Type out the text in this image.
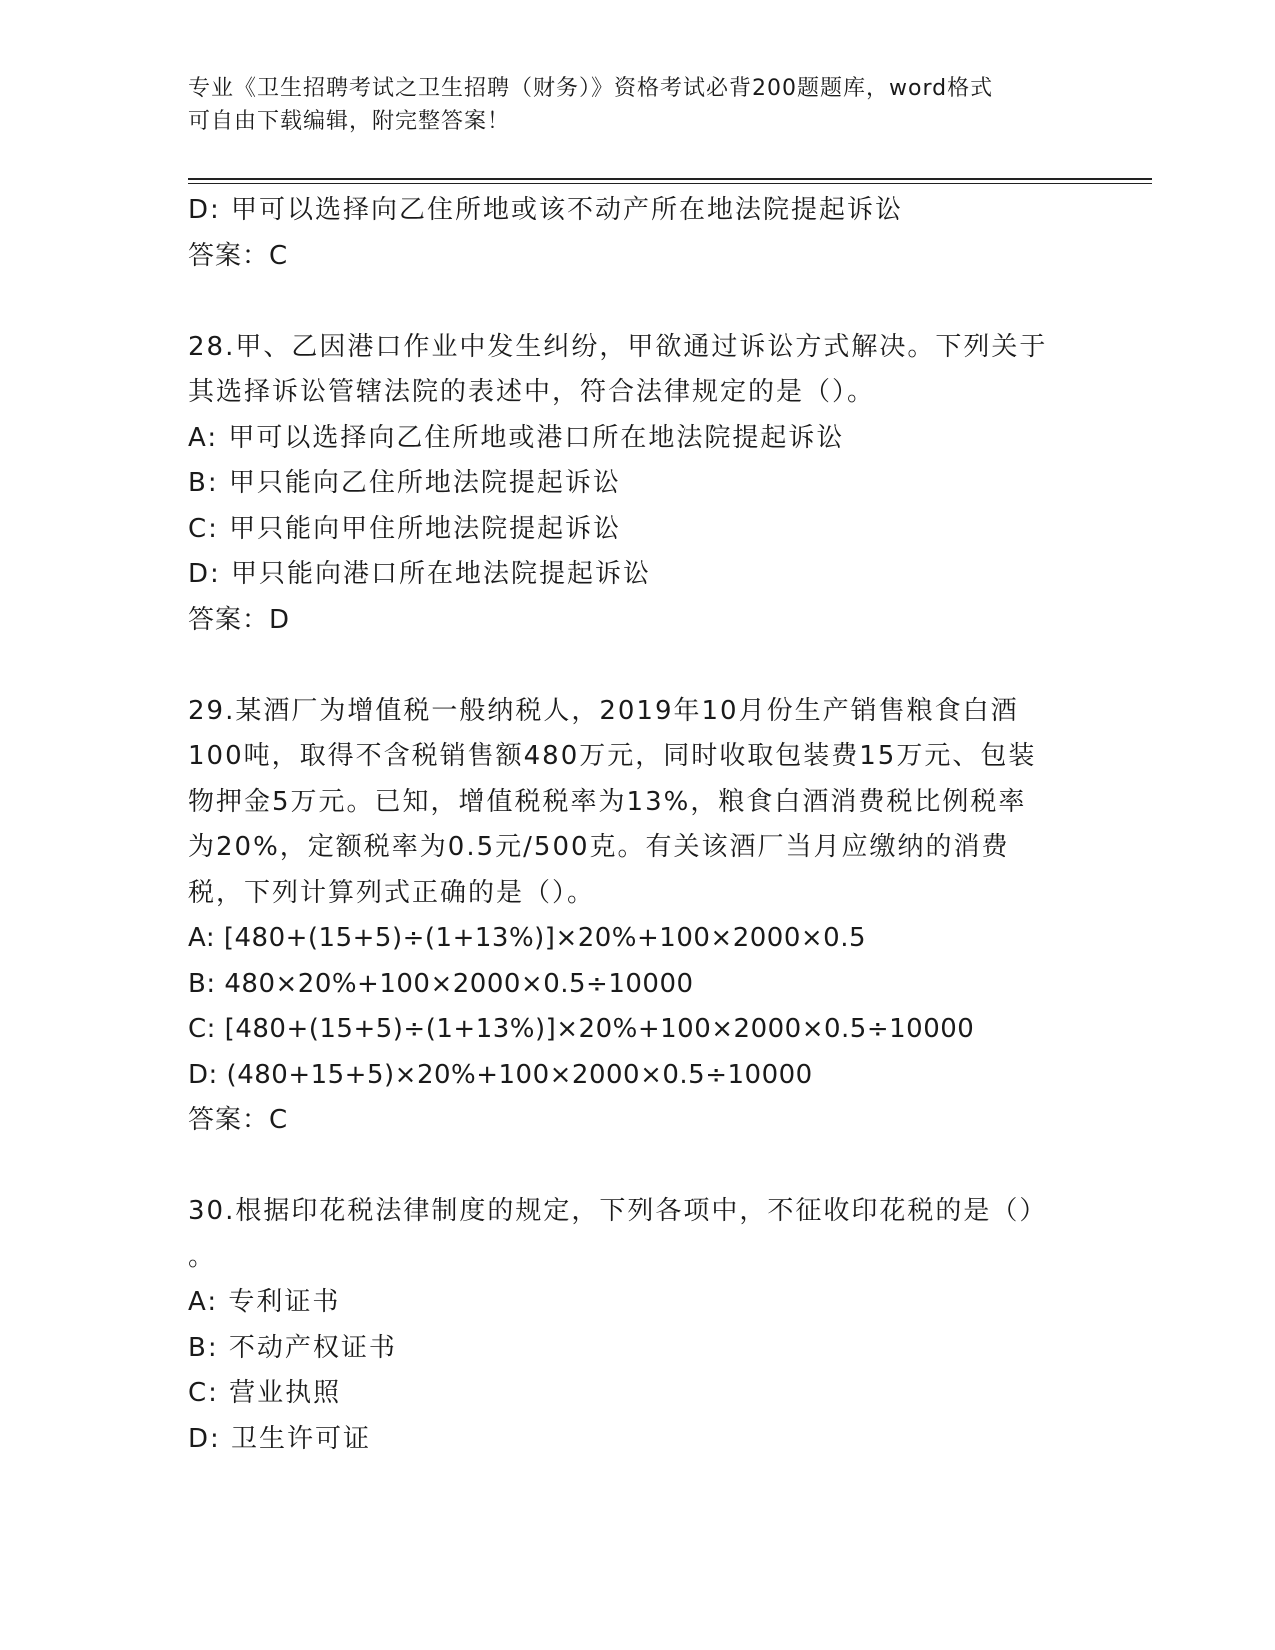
专业《卫生招聘考试之卫生招聘（财务）》资格考试必背200题题库，word格式
可自由下载编辑，附完整答案！
D: 甲可以选择向乙住所地或该不动产所在地法院提起诉讼
答案：C
28.甲、乙因港口作业中发生纠纷，甲欲通过诉讼方式解决。下列关于
其选择诉讼管辖法院的表述中，符合法律规定的是（）。
A: 甲可以选择向乙住所地或港口所在地法院提起诉讼
B: 甲只能向乙住所地法院提起诉讼
C: 甲只能向甲住所地法院提起诉讼
D: 甲只能向港口所在地法院提起诉讼
答案：D
29.某酒厂为增值税一般纳税人，2019年10月份生产销售粮食白酒
100吨，取得不含税销售额480万元，同时收取包装费15万元、包装
物押金5万元。已知，增值税税率为13%，粮食白酒消费税比例税率
为20%，定额税率为0.5元/500克。有关该酒厂当月应缴纳的消费
税，下列计算列式正确的是（）。
A: [480+(15+5)÷(1+13%)]×20%+100×2000×0.5
B: 480×20%+100×2000×0.5÷10000
C: [480+(15+5)÷(1+13%)]×20%+100×2000×0.5÷10000
D: (480+15+5)×20%+100×2000×0.5÷10000
答案：C
30.根据印花税法律制度的规定，下列各项中，不征收印花税的是（）
。
A: 专利证书
B: 不动产权证书
C: 营业执照
D: 卫生许可证
